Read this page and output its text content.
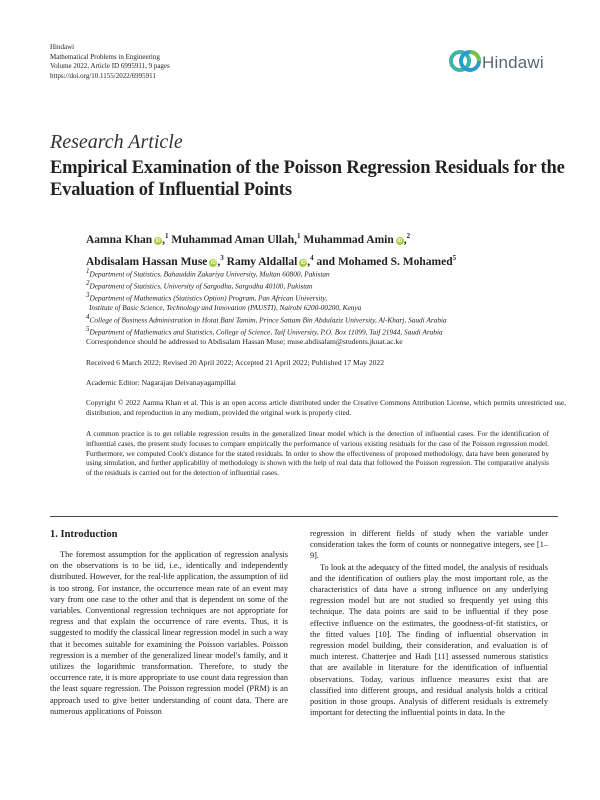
Hindawi
Mathematical Problems in Engineering
Volume 2022, Article ID 6995911, 9 pages
https://doi.org/10.1155/2022/6995911
Hindawi
Research Article
Empirical Examination of the Poisson Regression Residuals for the Evaluation of Influential Points
Aamna Khan iD ,$^1$ Muhammad Aman Ullah,$^1$ Muhammad Amin iD ,$^2$
Abdisalam Hassan Muse iD ,$^3$ Ramy Aldallal iD ,$^4$ and Mohamed S. Mohamed$^5$
$^1$Department of Statistics, Bahauddin Zakariya University, Multan 60800, Pakistan
$^2$Department of Statistics, University of Sargodha, Sargodha 40100, Pakistan
$^3$Department of Mathematics (Statistics Option) Program, Pan African University,
Institute of Basic Science, Technology and Innovation (PAUSTI), Nairobi 6200-00200, Kenya
$^4$College of Business Administration in Hotat Bani Tamim, Prince Sattam Bin Abdulaziz University, Al-Kharj, Saudi Arabia
$^5$Department of Mathematics and Statistics, College of Science, Taif University, P.O. Box 11099, Taif 21944, Saudi Arabia
Correspondence should be addressed to Abdisalam Hassan Muse; muse.abdisalam@students.jkuat.ac.ke
Received 6 March 2022; Revised 20 April 2022; Accepted 21 April 2022; Published 17 May 2022
Academic Editor: Nagarajan Deivanayagampillai
Copyright © 2022 Aamna Khan et al. This is an open access article distributed under the Creative Commons Attribution License, which permits unrestricted use, distribution, and reproduction in any medium, provided the original work is properly cited.
A common practice is to get reliable regression results in the generalized linear model which is the detection of influential cases. For the identification of influential cases, the present study focuses to compare empirically the performance of various existing residuals for the case of the Poisson regression model. Furthermore, we computed Cook's distance for the stated residuals. In order to show the effectiveness of proposed methodology, data have been generated by using simulation, and further applicability of methodology is shown with the help of real data that followed the Poisson regression. The comparative analysis of the residuals is carried out for the detection of influential cases.
1. Introduction

The foremost assumption for the application of regression analysis on the observations is to be iid, i.e., identically and independently distributed. However, for the real-life application, the assumption of iid is too strong. For instance, the occurrence mean rate of an event may vary from one case to the other and that is dependent on some of the variables. Conventional regression techniques are not appropriate for regress and that explain the occurrence of rare events. Thus, it is suggested to modify the classical linear regression model in such a way that it becomes suitable for examining the Poisson variables. Poisson regression is a member of the generalized linear model's family, and it utilizes the logarithmic transformation. Therefore, to study the occurrence rate, it is more appropriate to use count data regression than the least square regression. The Poisson regression model (PRM) is an approach used to give better understanding of count data. There are numerous applications of Poisson

regression in different fields of study when the variable under consideration takes the form of counts or nonnegative integers, see [1–9].

To look at the adequacy of the fitted model, the analysis of residuals and the identification of outliers play the most important role, as the characteristics of data have a strong influence on any underlying regression model but are not studied so frequently yet using this technique. The data points are said to be influential if they pose effective influence on the estimates, the goodness-of-fit statistics, or the fitted values [10]. The finding of influential observation in regression model building, their consideration, and evaluation is of much interest. Chatterjee and Hadi [11] assessed numerous statistics that are available in literature for the identification of influential observations. Today, various influence measures exist that are classified into different groups, and residual analysis holds a critical position in those groups. Analysis of different residuals is extremely important for detecting the influential points in data. In the
